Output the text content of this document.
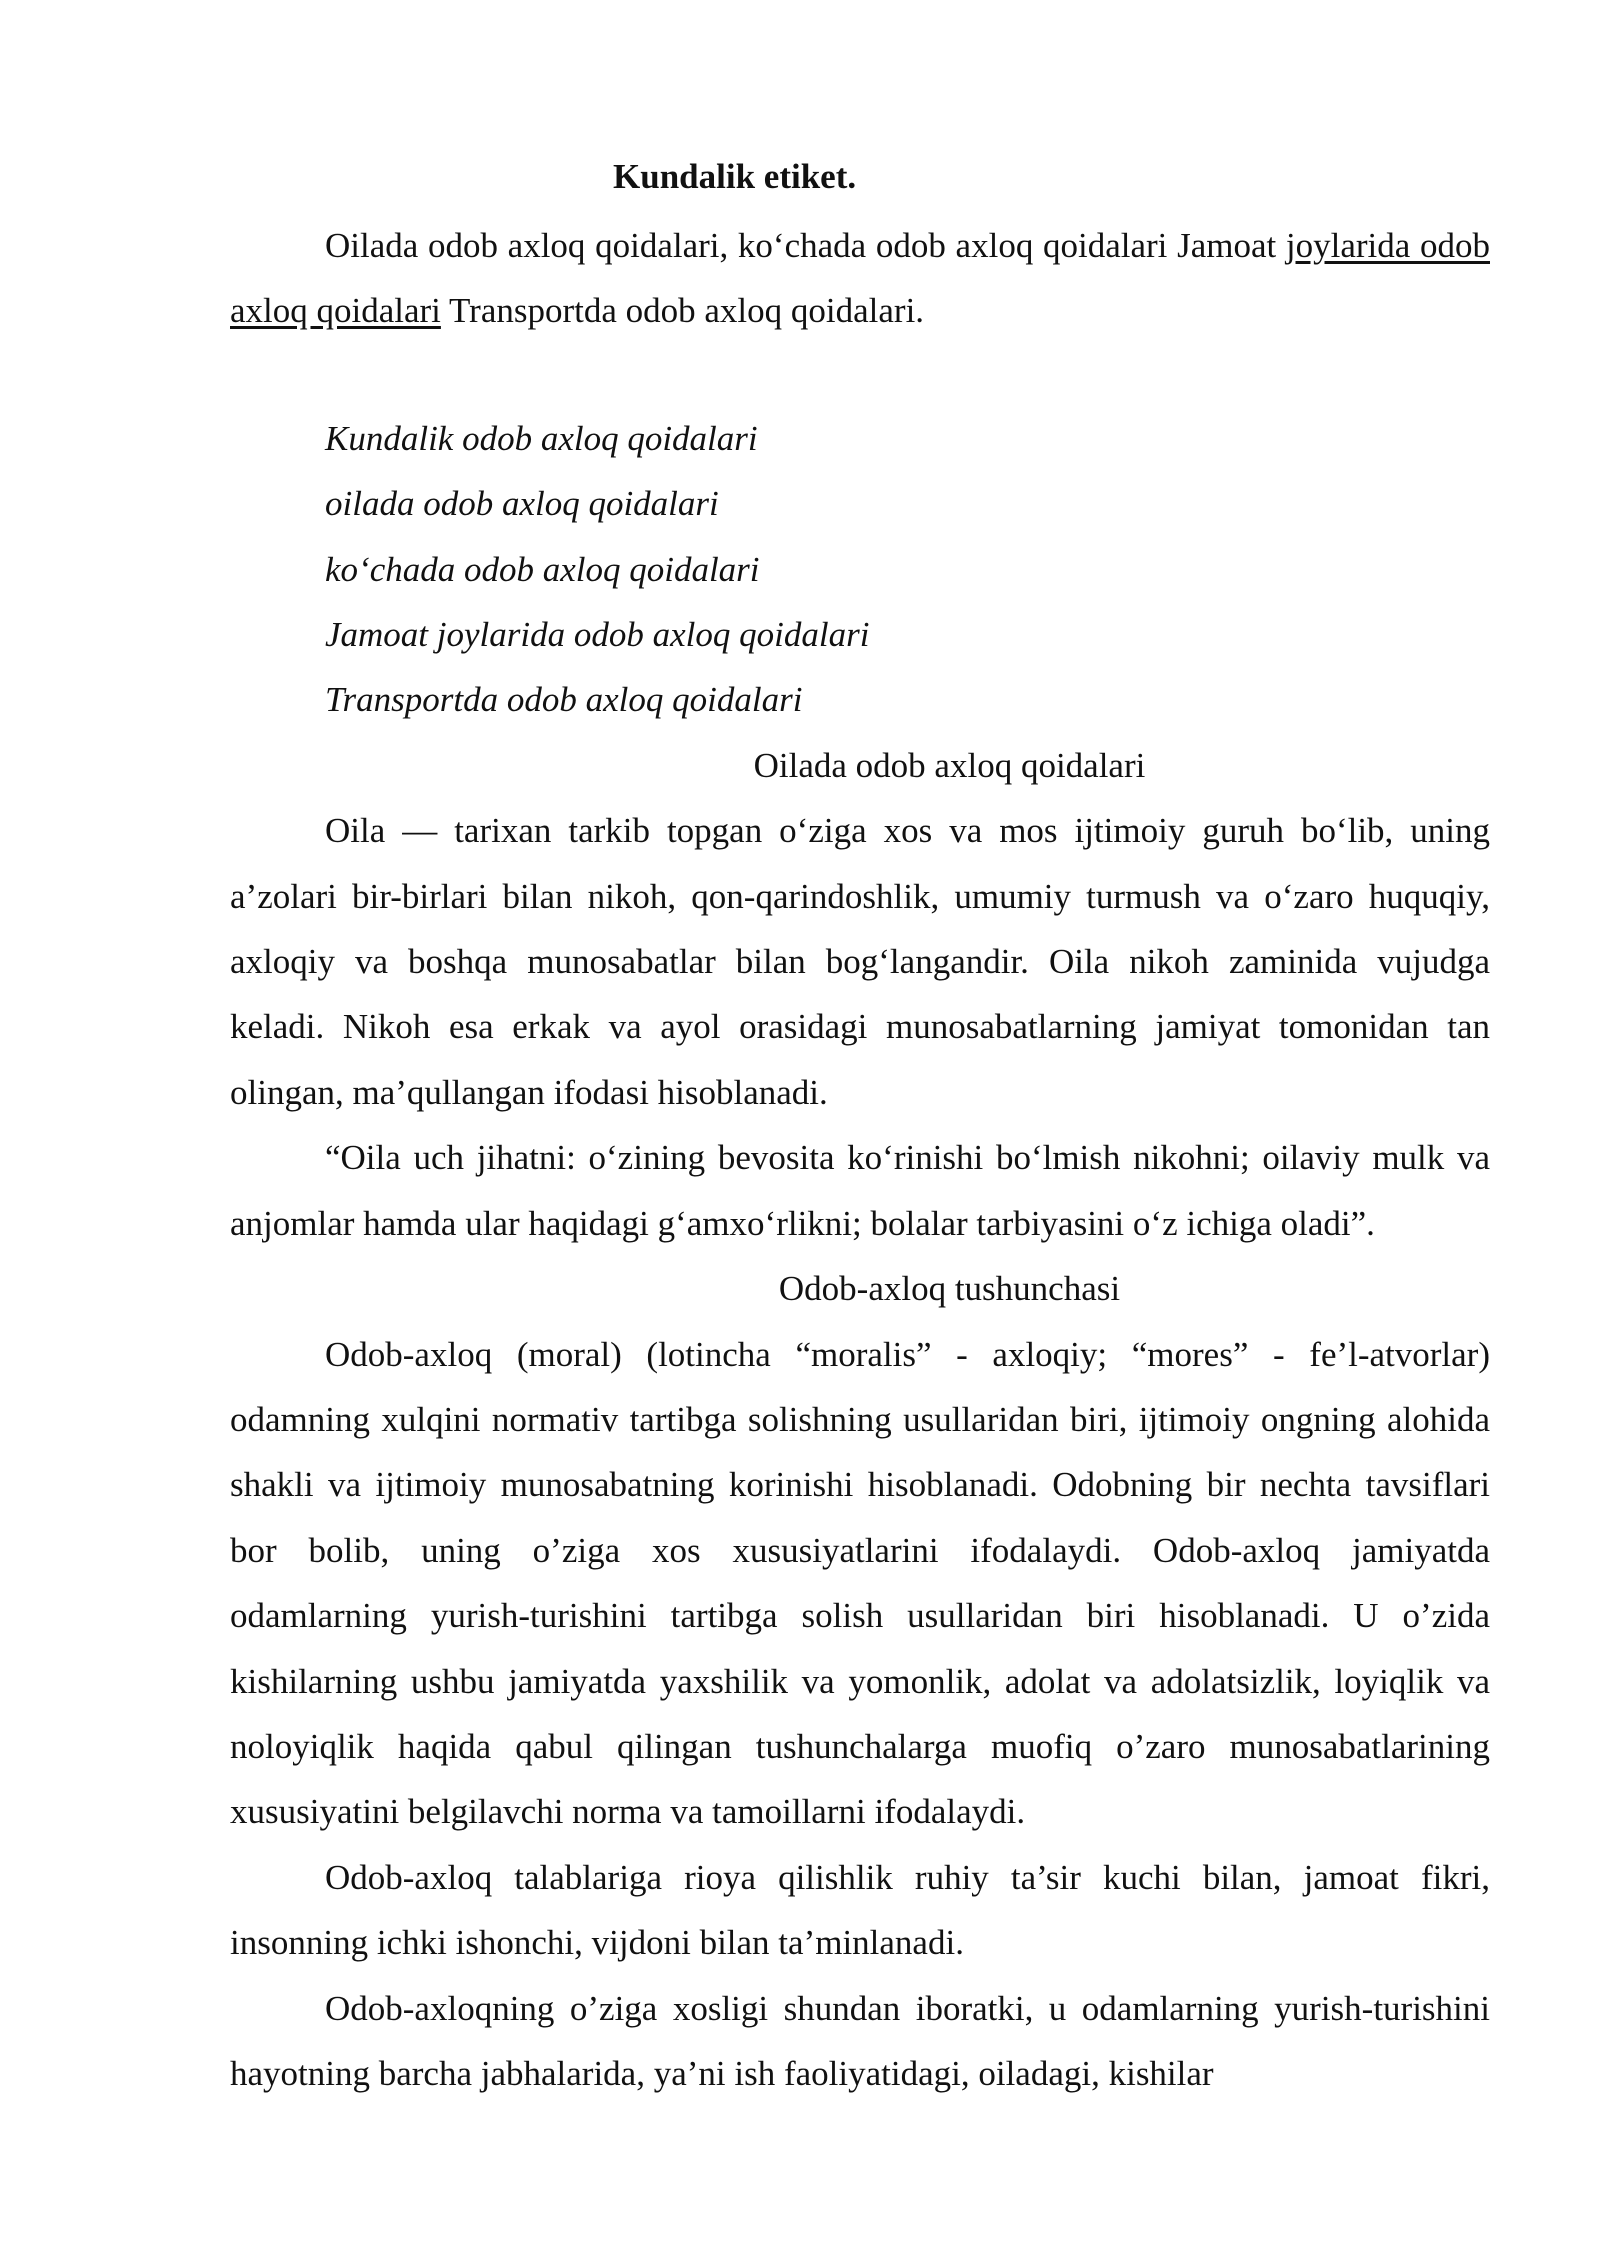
Kundalik etiket.

Oilada odob axloq qoidalari, ko‘chada odob axloq qoidalari Jamoat joylarida odob axloq qoidalari Transportda odob axloq qoidalari.

Kundalik odob axloq qoidalari
oilada odob axloq qoidalari
ko‘chada odob axloq qoidalari
Jamoat joylarida odob axloq qoidalari
Transportda odob axloq qoidalari

Oilada odob axloq qoidalari

Oila — tarixan tarkib topgan o‘ziga xos va mos ijtimoiy guruh bo‘lib, uning a’zolari bir-birlari bilan nikoh, qon-qarindoshlik, umumiy turmush va o‘zaro huquqiy, axloqiy va boshqa munosabatlar bilan bog‘langandir. Oila nikoh zaminida vujudga keladi. Nikoh esa erkak va ayol orasidagi munosabatlarning jamiyat tomonidan tan olingan, ma’qullangan ifodasi hisoblanadi.

“Oila uch jihatni: o‘zining bevosita ko‘rinishi bo‘lmish nikohni; oilaviy mulk va anjomlar hamda ular haqidagi g‘amxo‘rlikni; bolalar tarbiyasini o‘z ichiga oladi”.

Odob-axloq tushunchasi

Odob-axloq (moral) (lotincha “moralis” - axloqiy; “mores” - fe’l-atvorlar) odamning xulqini normativ tartibga solishning usullaridan biri, ijtimoiy ongning alohida shakli va ijtimoiy munosabatning korinishi hisoblanadi. Odobning bir nechta tavsiflari bor bolib, uning o’ziga xos xususiyatlarini ifodalaydi. Odob-axloq jamiyatda odamlarning yurish-turishini tartibga solish usullaridan biri hisoblanadi. U o’zida kishilarning ushbu jamiyatda yaxshilik va yomonlik, adolat va adolatsizlik, loyiqlik va noloyiqlik haqida qabul qilingan tushunchalarga muofiq o’zaro munosabatlarining xususiyatini belgilavchi norma va tamoillarni ifodalaydi.

Odob-axloq talablariga rioya qilishlik ruhiy ta’sir kuchi bilan, jamoat fikri, insonning ichki ishonchi, vijdoni bilan ta’minlanadi.

Odob-axloqning o’ziga xosligi shundan iboratki, u odamlarning yurish-turishini hayotning barcha jabhalarida, ya’ni ish faoliyatidagi, oiladagi, kishilar
